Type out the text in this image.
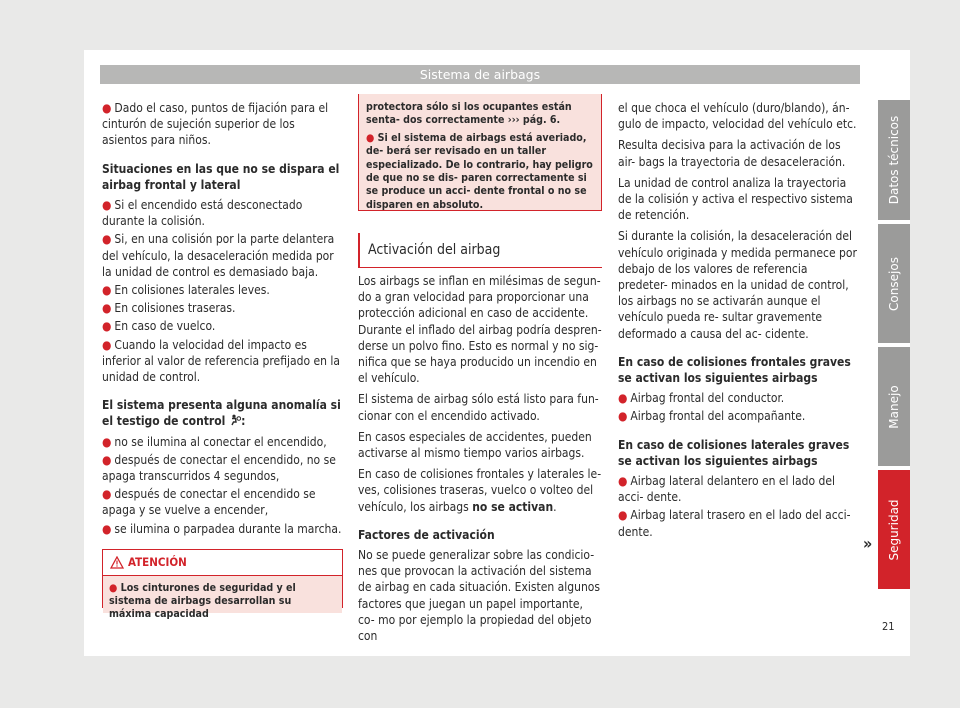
Sistema de airbags

● Dado el caso, puntos de fijación para el cinturón de sujeción superior de los asientos para niños.

Situaciones en las que no se dispara el airbag frontal y lateral

● Si el encendido está desconectado durante la colisión.

● Si, en una colisión por la parte delantera del vehículo, la desaceleración medida por la unidad de control es demasiado baja.

● En colisiones laterales leves.

● En colisiones traseras.

● En caso de vuelco.

● Cuando la velocidad del impacto es inferior al valor de referencia prefijado en la unidad de control.

El sistema presenta alguna anomalía si el testigo de control :

● no se ilumina al conectar el encendido,

● después de conectar el encendido, no se apaga transcurridos 4 segundos,

● después de conectar el encendido se apaga y se vuelve a encender,

● se ilumina o parpadea durante la marcha.

ATENCIÓN
● Los cinturones de seguridad y el sistema de airbags desarrollan su máxima capacidad

protectora sólo si los ocupantes están senta- dos correctamente ››› pág. 6.

● Si el sistema de airbags está averiado, de- berá ser revisado en un taller especializado. De lo contrario, hay peligro de que no se dis- paren correctamente si se produce un acci- dente frontal o no se disparen en absoluto.

Activación del airbag

Los airbags se inflan en milésimas de segun- do a gran velocidad para proporcionar una protección adicional en caso de accidente. Durante el inflado del airbag podría despren- derse un polvo fino. Esto es normal y no sig- nifica que se haya producido un incendio en el vehículo.

El sistema de airbag sólo está listo para fun- cionar con el encendido activado.

En casos especiales de accidentes, pueden activarse al mismo tiempo varios airbags.

En caso de colisiones frontales y laterales le- ves, colisiones traseras, vuelco o volteo del vehículo, los airbags no se activan.

Factores de activación

No se puede generalizar sobre las condicio- nes que provocan la activación del sistema de airbag en cada situación. Existen algunos factores que juegan un papel importante, co- mo por ejemplo la propiedad del objeto con

el que choca el vehículo (duro/blando), án- gulo de impacto, velocidad del vehículo etc.

Resulta decisiva para la activación de los air- bags la trayectoria de desaceleración.

La unidad de control analiza la trayectoria de la colisión y activa el respectivo sistema de retención.

Si durante la colisión, la desaceleración del vehículo originada y medida permanece por debajo de los valores de referencia predeter- minados en la unidad de control, los airbags no se activarán aunque el vehículo pueda re- sultar gravemente deformado a causa del ac- cidente.

En caso de colisiones frontales graves se activan los siguientes airbags

● Airbag frontal del conductor.

● Airbag frontal del acompañante.

En caso de colisiones laterales graves se activan los siguientes airbags

● Airbag lateral delantero en el lado del acci- dente.

● Airbag lateral trasero en el lado del acci- dente.

»
Datos técnicos
Consejos
Manejo
Seguridad
21
